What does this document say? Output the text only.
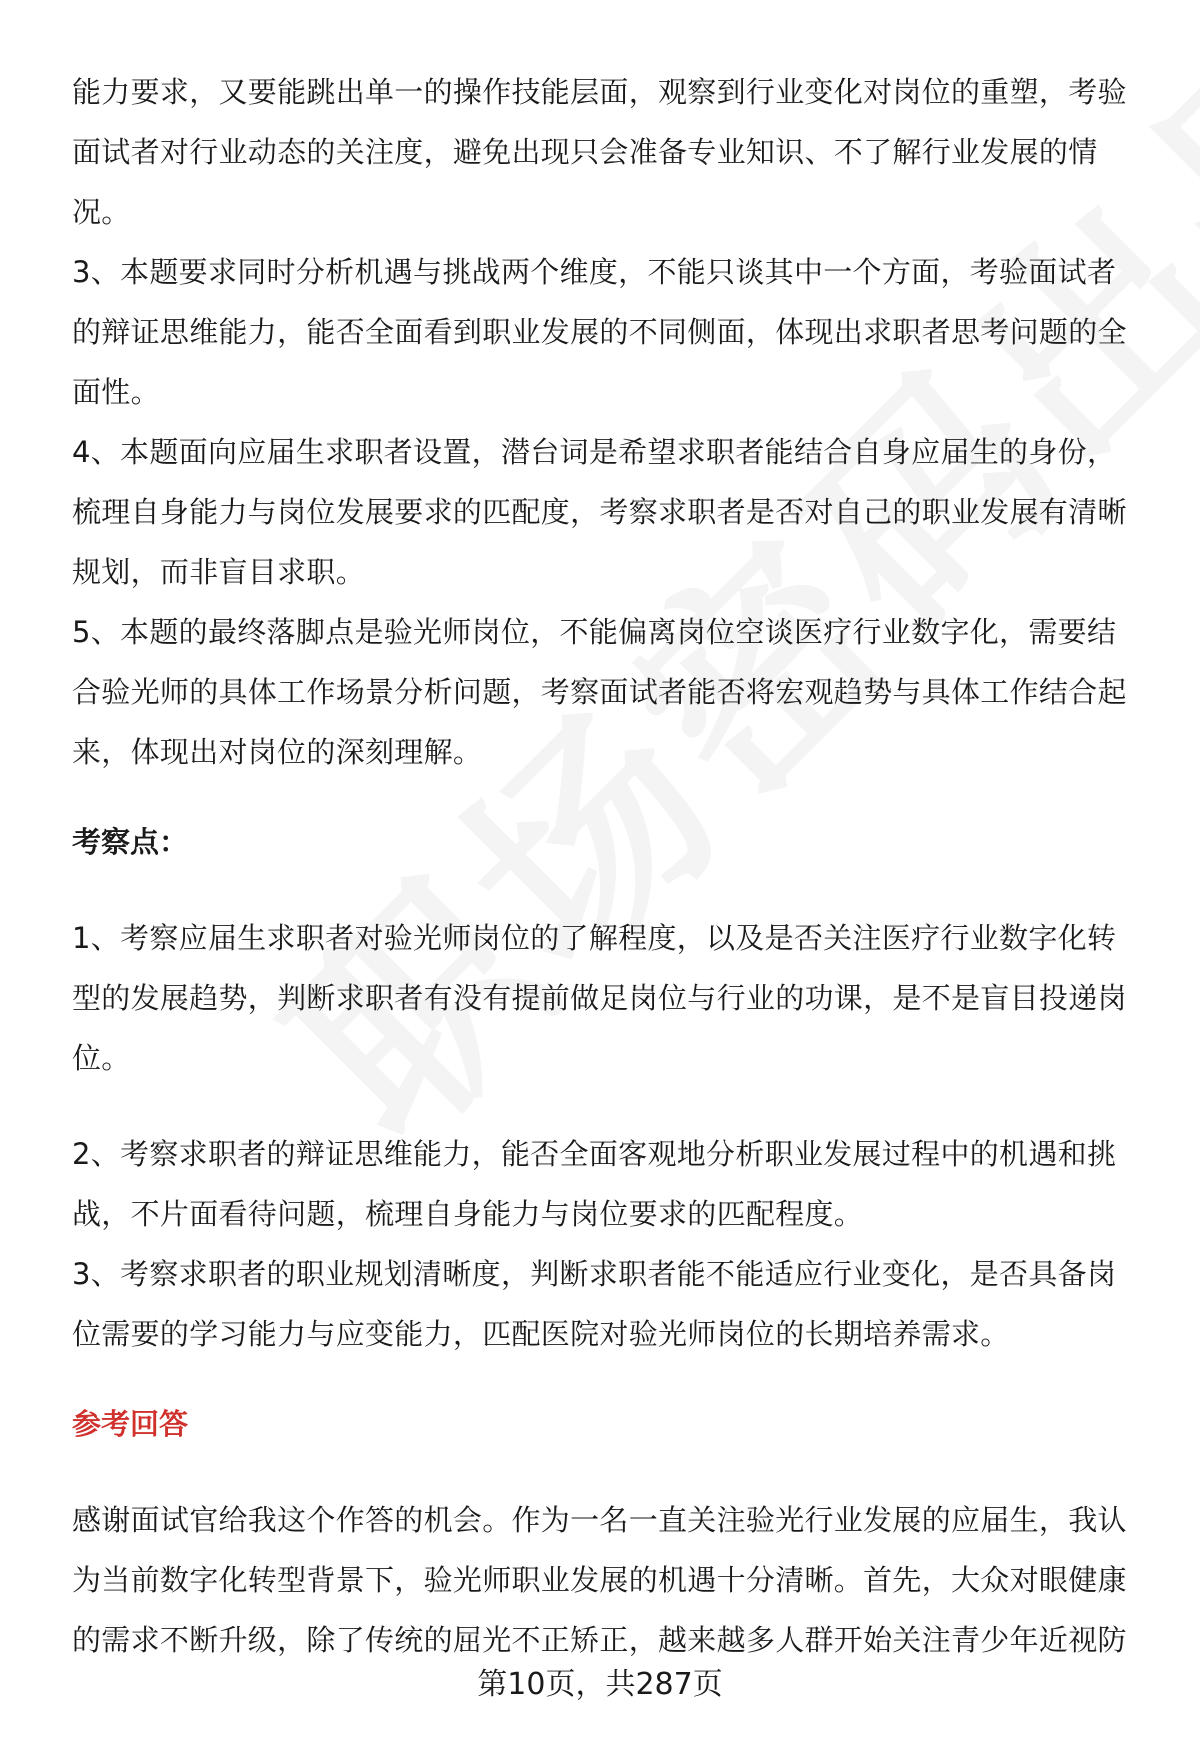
能力要求，又要能跳出单一的操作技能层面，观察到行业变化对岗位的重塑，考验面试者对行业动态的关注度，避免出现只会准备专业知识、不了解行业发展的情况。

3、本题要求同时分析机遇与挑战两个维度，不能只谈其中一个方面，考验面试者的辩证思维能力，能否全面看到职业发展的不同侧面，体现出求职者思考问题的全面性。

4、本题面向应届生求职者设置，潜台词是希望求职者能结合自身应届生的身份，梳理自身能力与岗位发展要求的匹配度，考察求职者是否对自己的职业发展有清晰规划，而非盲目求职。

5、本题的最终落脚点是验光师岗位，不能偏离岗位空谈医疗行业数字化，需要结合验光师的具体工作场景分析问题，考察面试者能否将宏观趋势与具体工作结合起来，体现出对岗位的深刻理解。

考察点：

1、考察应届生求职者对验光师岗位的了解程度，以及是否关注医疗行业数字化转型的发展趋势，判断求职者有没有提前做足岗位与行业的功课，是不是盲目投递岗位。

2、考察求职者的辩证思维能力，能否全面客观地分析职业发展过程中的机遇和挑战，不片面看待问题，梳理自身能力与岗位要求的匹配程度。

3、考察求职者的职业规划清晰度，判断求职者能不能适应行业变化，是否具备岗位需要的学习能力与应变能力，匹配医院对验光师岗位的长期培养需求。

参考回答

感谢面试官给我这个作答的机会。作为一名一直关注验光行业发展的应届生，我认为当前数字化转型背景下，验光师职业发展的机遇十分清晰。首先，大众对眼健康的需求不断升级，除了传统的屈光不正矫正，越来越多人群开始关注青少年近视防

第10页，共287页
